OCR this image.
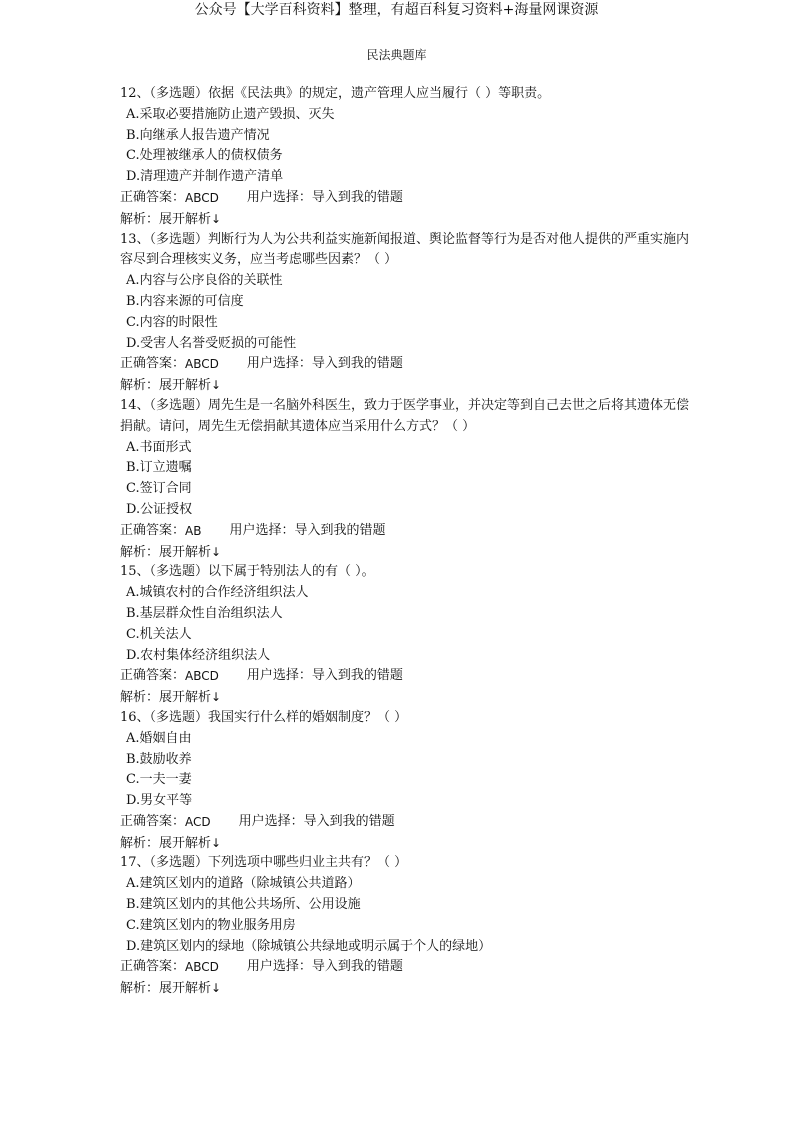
公众号【大学百科资料】整理，有超百科复习资料+海量网课资源
民法典题库
12、（多选题）依据《民法典》的规定，遗产管理人应当履行（ ）等职责。
A.采取必要措施防止遗产毁损、灭失
B.向继承人报告遗产情况
C.处理被继承人的债权债务
D.清理遗产并制作遗产清单
正确答案： ABCD 用户选择： 导入到我的错题
解析：展开解析↓
13、（多选题）判断行为人为公共利益实施新闻报道、舆论监督等行为是否对他人提供的严重实施内容尽到合理核实义务，应当考虑哪些因素？（ ）
A.内容与公序良俗的关联性
B.内容来源的可信度
C.内容的时限性
D.受害人名誉受贬损的可能性
正确答案： ABCD 用户选择： 导入到我的错题
解析：展开解析↓
14、（多选题）周先生是一名脑外科医生，致力于医学事业，并决定等到自己去世之后将其遗体无偿捐献。请问，周先生无偿捐献其遗体应当采用什么方式？（ ）
A.书面形式
B.订立遗嘱
C.签订合同
D.公证授权
正确答案： AB 用户选择： 导入到我的错题
解析：展开解析↓
15、（多选题）以下属于特别法人的有（ ）。
A.城镇农村的合作经济组织法人
B.基层群众性自治组织法人
C.机关法人
D.农村集体经济组织法人
正确答案： ABCD 用户选择： 导入到我的错题
解析：展开解析↓
16、（多选题）我国实行什么样的婚姻制度？（ ）
A.婚姻自由
B.鼓励收养
C.一夫一妻
D.男女平等
正确答案： ACD 用户选择： 导入到我的错题
解析：展开解析↓
17、（多选题）下列选项中哪些归业主共有？（ ）
A.建筑区划内的道路（除城镇公共道路）
B.建筑区划内的其他公共场所、公用设施
C.建筑区划内的物业服务用房
D.建筑区划内的绿地（除城镇公共绿地或明示属于个人的绿地）
正确答案： ABCD 用户选择： 导入到我的错题
解析：展开解析↓
